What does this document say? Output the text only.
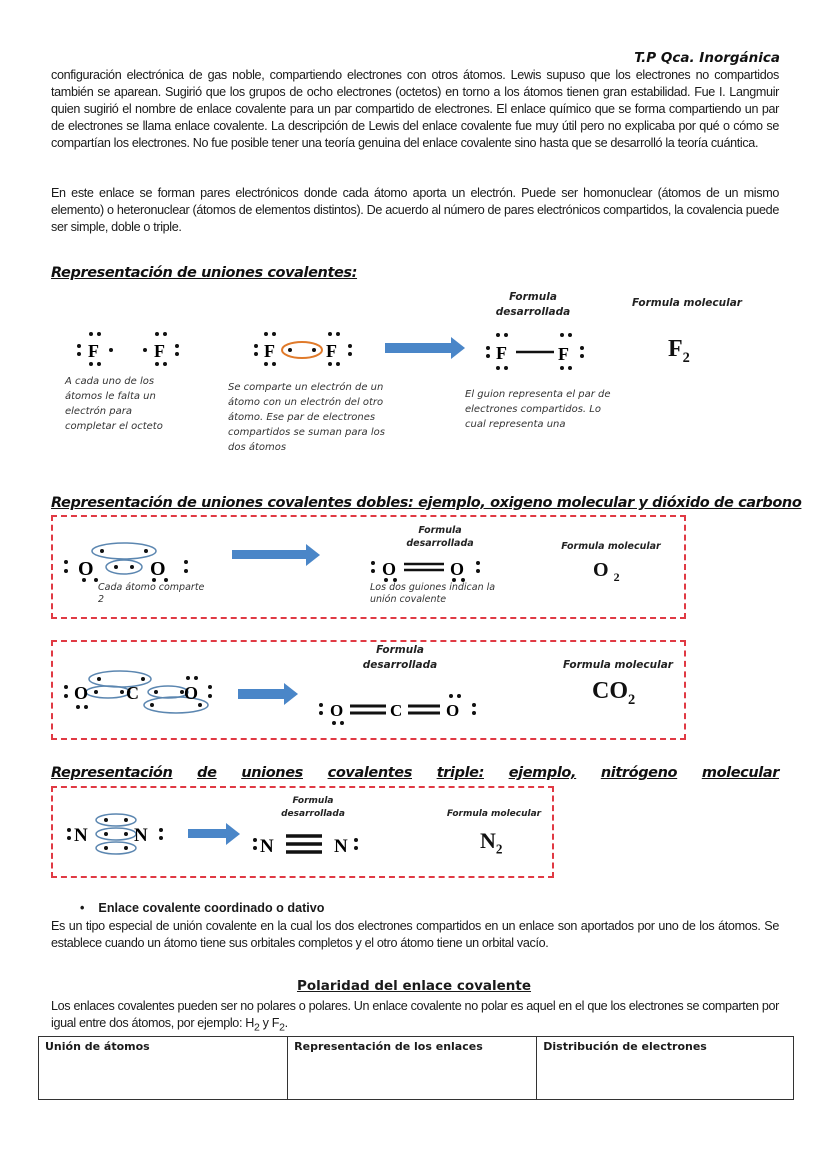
T.P Qca. Inorgánica
configuración electrónica de gas noble, compartiendo electrones con otros átomos. Lewis supuso que los electrones no compartidos también se aparean. Sugirió que los grupos de ocho electrones (octetos) en torno a los átomos tienen gran estabilidad. Fue I. Langmuir quien sugirió el nombre de enlace covalente para un par compartido de electrones. El enlace químico que se forma compartiendo un par de electrones se llama enlace covalente. La descripción de Lewis del enlace covalente fue muy útil pero no explicaba por qué o cómo se compartían los electrones. No fue posible tener una teoría genuina del enlace covalente sino hasta que se desarrolló la teoría cuántica.
En este enlace se forman pares electrónicos donde cada átomo aporta un electrón. Puede ser homonuclear (átomos de un mismo elemento) o heteronuclear (átomos de elementos distintos). De acuerdo al número de pares electrónicos compartidos, la covalencia puede ser simple, doble o triple.
Representación de uniones covalentes:
Formula
desarrollada
Formula molecular
F	F	F	F	F	F	$F_2$
A cada uno de los átomos le falta un electrón para completar el octeto
Se comparte un electrón de un átomo con un electrón del otro átomo. Ese par de electrones compartidos se suman para los dos átomos
El guion representa el par de electrones compartidos. Lo cual representa una
Representación de uniones covalentes dobles: ejemplo, oxigeno molecular y dióxido de carbono
O	O
Formula
desarrollada	Formula molecular
O	O	O $_2$
Cada átomo comparte 2
Los dos guiones indican la unión covalente
O C	O
Formula
desarrollada	Formula molecular
O	C	O
$CO_2$
Representación de uniones covalentes triple: ejemplo, nitrógeno molecular
N N
Formula
desarrollada	Formula molecular
N	N	$N_2$
• Enlace covalente coordinado o dativo
Es un tipo especial de unión covalente en la cual los dos electrones compartidos en un enlace son aportados por uno de los átomos. Se establece cuando un átomo tiene sus orbitales completos y el otro átomo tiene un orbital vacío.
Polaridad del enlace covalente
Los enlaces covalentes pueden ser no polares o polares. Un enlace covalente no polar es aquel en el que los electrones se comparten por igual entre dos átomos, por ejemplo: $H_2$ y $F_2$.
Unión de átomos	Representación de los enlaces	Distribución de electrones
